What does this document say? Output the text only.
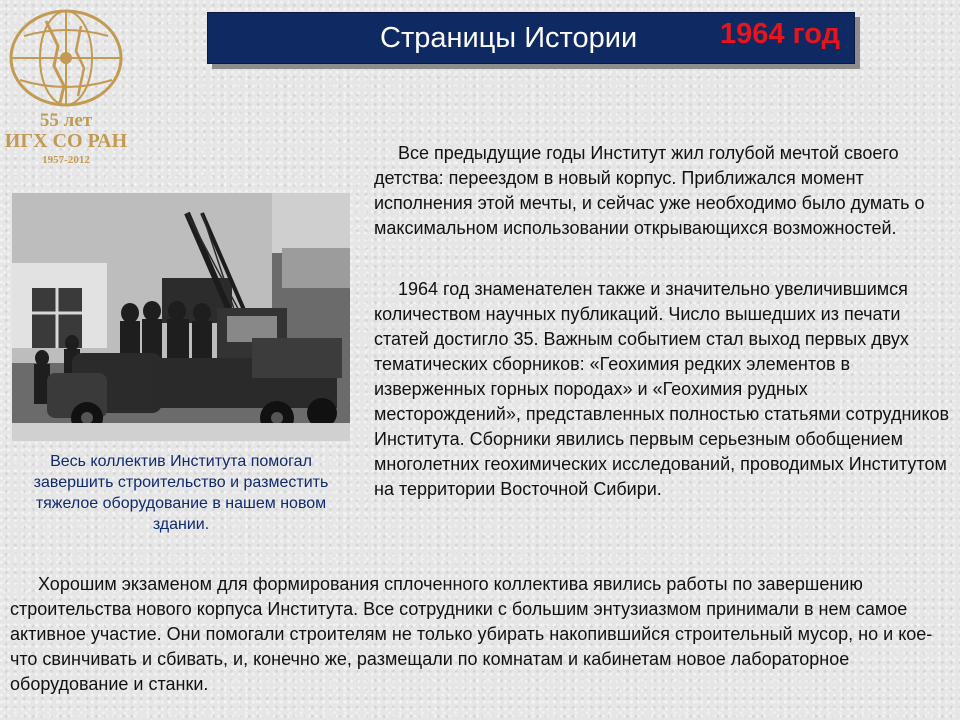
55 лет
ИГХ СО РАН
1957-2012
Страницы Истории	1964 год
Весь коллектив Института помогал завершить строительство и разместить тяжелое оборудование в нашем новом здании.

Все предыдущие годы Институт жил голубой мечтой своего детства: переездом в новый корпус. Приближался момент исполнения этой мечты, и сейчас уже необходимо было думать о максимальном использовании открывающихся возможностей.

1964 год знаменателен также и значительно увеличившимся количеством научных публикаций. Число вышедших из печати статей достигло 35. Важным событием стал выход первых двух тематических сборников: «Геохимия редких элементов в изверженных горных породах» и «Геохимия рудных месторождений», представленных полностью статьями сотрудников Института. Сборники явились первым серьезным обобщением многолетних геохимических исследований, проводимых Институтом на территории Восточной Сибири.

Хорошим экзаменом для формирования сплоченного коллектива явились работы по завершению строительства нового корпуса Института. Все сотрудники с большим энтузиазмом принимали в нем самое активное участие. Они помогали строителям не только убирать накопившийся строительный мусор, но и кое-что свинчивать и сбивать, и, конечно же, размещали по комнатам и кабинетам новое лабораторное оборудование и станки.
